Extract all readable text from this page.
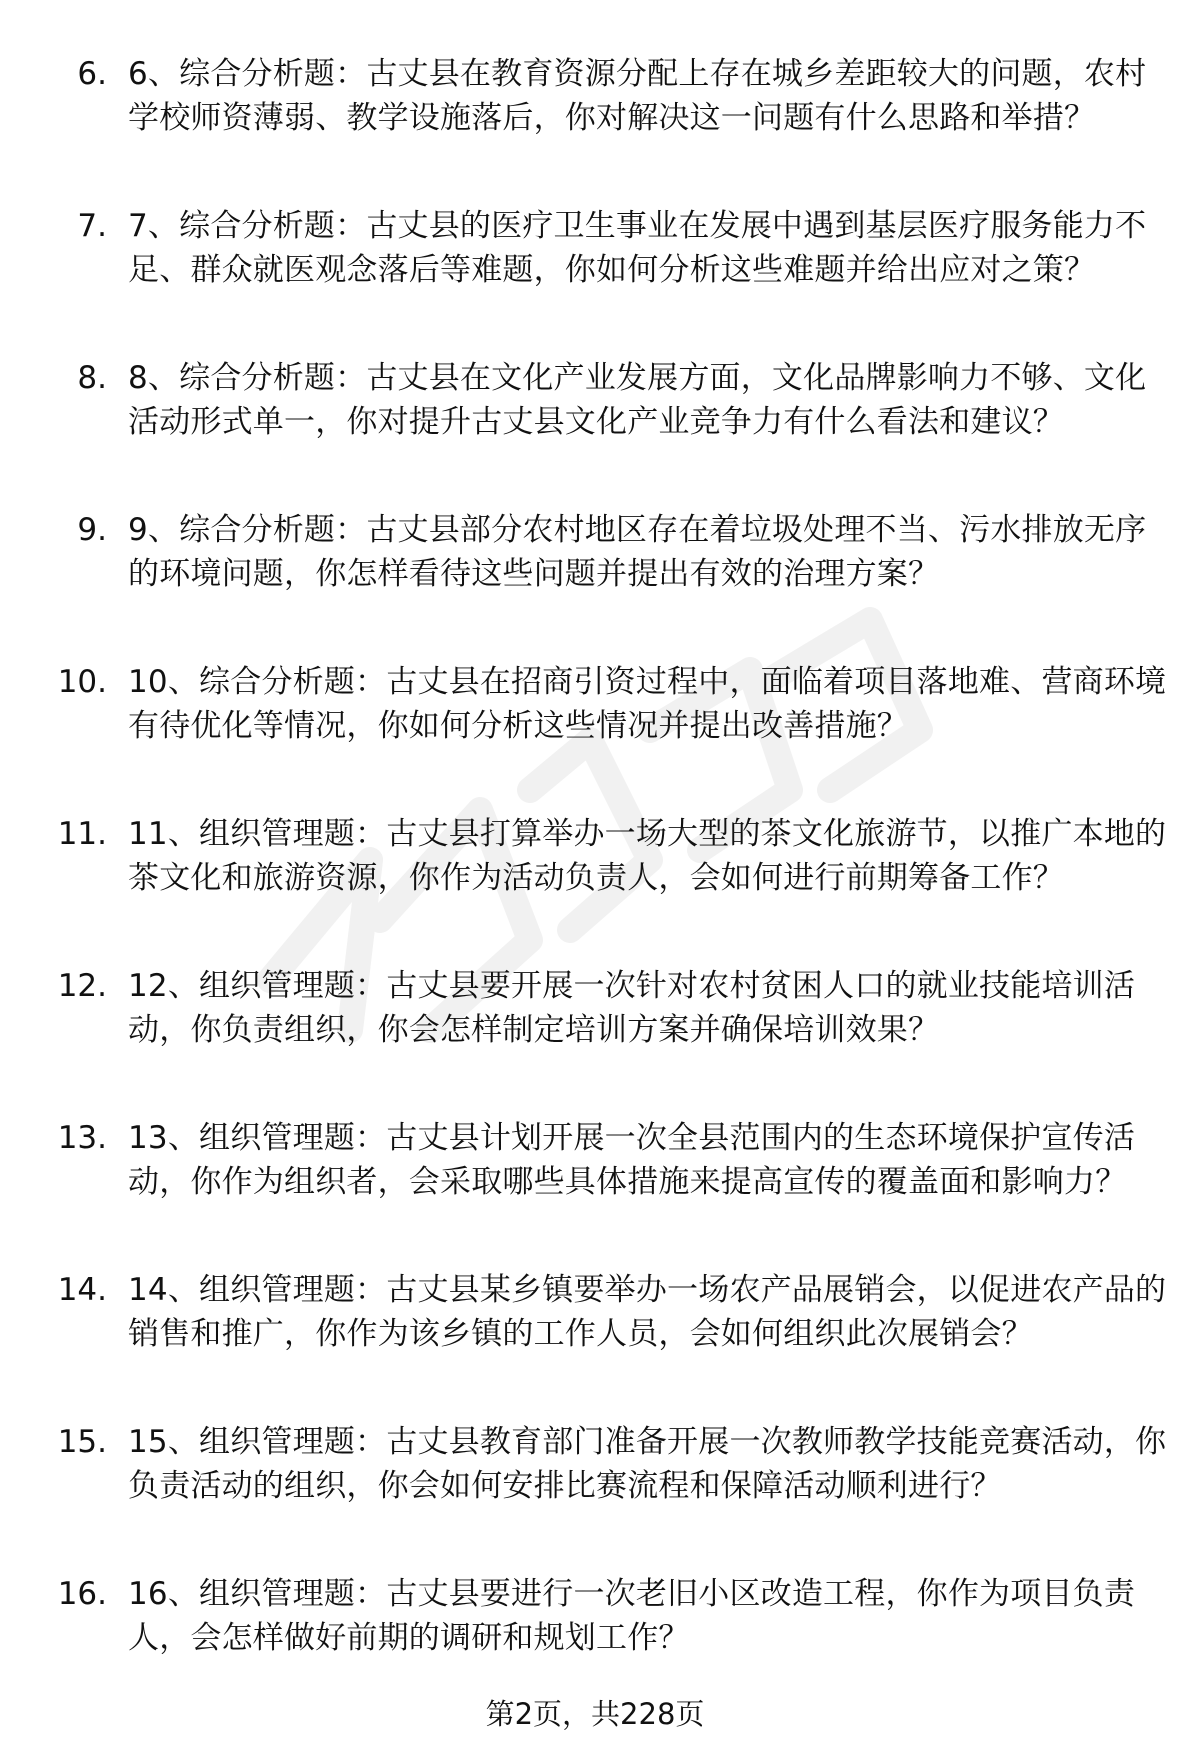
6. 6、综合分析题：古丈县在教育资源分配上存在城乡差距较大的问题，农村学校师资薄弱、教学设施落后，你对解决这一问题有什么思路和举措？
7. 7、综合分析题：古丈县的医疗卫生事业在发展中遇到基层医疗服务能力不足、群众就医观念落后等难题，你如何分析这些难题并给出应对之策？
8. 8、综合分析题：古丈县在文化产业发展方面，文化品牌影响力不够、文化活动形式单一，你对提升古丈县文化产业竞争力有什么看法和建议？
9. 9、综合分析题：古丈县部分农村地区存在着垃圾处理不当、污水排放无序的环境问题，你怎样看待这些问题并提出有效的治理方案？
10. 10、综合分析题：古丈县在招商引资过程中，面临着项目落地难、营商环境有待优化等情况，你如何分析这些情况并提出改善措施？
11. 11、组织管理题：古丈县打算举办一场大型的茶文化旅游节，以推广本地的茶文化和旅游资源，你作为活动负责人，会如何进行前期筹备工作？
12. 12、组织管理题：古丈县要开展一次针对农村贫困人口的就业技能培训活动，你负责组织，你会怎样制定培训方案并确保培训效果？
13. 13、组织管理题：古丈县计划开展一次全县范围内的生态环境保护宣传活动，你作为组织者，会采取哪些具体措施来提高宣传的覆盖面和影响力？
14. 14、组织管理题：古丈县某乡镇要举办一场农产品展销会，以促进农产品的销售和推广，你作为该乡镇的工作人员，会如何组织此次展销会？
15. 15、组织管理题：古丈县教育部门准备开展一次教师教学技能竞赛活动，你负责活动的组织，你会如何安排比赛流程和保障活动顺利进行？
16. 16、组织管理题：古丈县要进行一次老旧小区改造工程，你作为项目负责人，会怎样做好前期的调研和规划工作？
第2页，共228页
